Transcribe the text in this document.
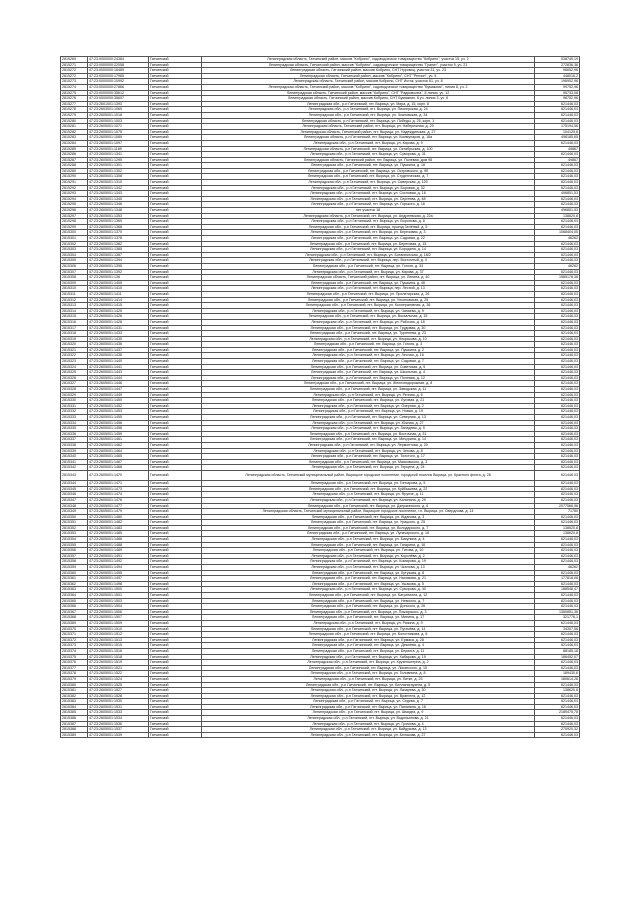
2815269	47:23:0000000:24384	Гатчинский	Ленинградская область, Гатчинский район, массив "Кобрино", садоводческое товарищество "Кобрино", участок 15, уч. 2	538749,19
2815271	47:23:0000000:22058	Гатчинский	Ленинградская область, Гатчинский район, массив "Кобрино", садоводческое товарищество "Гранит", участок 9, уч. 21	272836,36
2815272	47:23:0000000:16489	Гатчинский	Ленинградская область, Гатчинский район, массив Кобрино, СНТ Нуровиц, участок 31, уч. 23	96652,96
2815272	47:23:0000000:17965	Гатчинский	Ленинградская область, Гатчинский район, массив "Кобрино", СНТ "Регион", уч. 5	448016,2
2815273	47:23:0000000:10992	Гатчинский	Ленинградская область, Гатчинский район, массив Кобрино, СНТ Исток, участок 61, уч. 8	196952,96
2815274	47:23:0000000:27866	Гатчинский	Ленинградская область, Гатчинский район, массив "Кобрино", садоводческое товарищество "Бумажник", линия 8, уч. 2	99752,96
2815275	47:23:0000000:35612	Гатчинский	Ленинградская область, Гатчинский район, массив "Кобрино", СНТ "Радиоволна", 8 линия, уч. 12	95733,08
2815276	47:23:0000000:35607	Гатчинский	Ленинградская область, Гатчинский район, массив Кобрино, СНТ Бумажник, 8 уч. линия 3, уч. 6	98752,96
2815277	47:23:2601001:1393	Гатчинский	Ленинградская обл., р-н Гатчинский, пгт. Вырица, ул. Мира, д. 15, корп. 8	621446,03
2815278	47:23:2603001:1069	Гатчинский	Ленинградская обл., р-н Гатчинский, пгт. Вырица, ул. Пионерская, д. 24	621446,03
2815279	47:23:2605001:1018	Гатчинский	Ленинградская обл., р-н Гатчинский, пгт. Вырица, ул. Чкаловская, д. 34	621446,03
2815280	47:23:2605001:1003	Гатчинский	Ленинградская область, р-н Гатчинский, пгт. Вырица, ул. Победы, д. 25, корп. 1	621446,03
2815281	47:23:2605001:1071	Гатчинский	Ленинградская область, Гатчинский район, пгт. Вырица, ул. Набережная, д. 29	175194,56
2815282	47:23:2605001:1075	Гатчинский	Ленинградская область, Гатчинский район, пгт. Вырица, ул. Надеждинская, д. 27	104125,8
2815283	47:23:2605001:1089	Гатчинский	Ленинградская область, р-н Гатчинский, пгт. Вырица, ул. Коммунаров, д. 16а	498185,65
2815284	47:23:2605001:1097	Гатчинский	Ленинградская обл., р-н Гатчинский, пгт. Вырица, ул. Кирова, д. 9	621446,03
2815285	47:23:2605001:1189	Гатчинский	Ленинградская область, р-н Гатчинский, пгт. Вырица, ул. Октябрьская, д. 100	49867
2815286	47:23:2605001:1341	Гатчинский	Ленинградская обл., р-н Гатчинский, пгт. Вырица, ул. Суворова, д. 31	621446,03
2815287	47:23:2605001:1295	Гатчинский	Ленинградская область, Гатчинский район, пгт. Вырица, ул. Полевая, дом 98	49867
2815288	47:23:2605001:1301	Гатчинский	Ленинградская обл., р-н Гатчинский, пгт. Вырица, ул. Пушкина, д. 18	621446,03
2815289	47:23:2605001:1302	Гатчинский	Ленинградская обл., р-н Гатчинский, пгт. Вырица, ул. Островского, д. 9б	621446,03
2815290	47:23:2605001:1308	Гатчинский	Ленинградская обл., р-н Гатчинский, пгт. Вырица, ул. Студенческая, д. 7	621446,03
2815291	47:23:2605001:1310	Гатчинский	Ленинградская обл., р-н Гатчинский, пгт. Вырица, ул. Сиверская, д. 12б	621446,03
2815292	47:23:2605001:1342	Гатчинский	Ленинградская обл., р-н Гатчинский, пгт. Вырица, ул. Боровая, д. 32	621446,03
2815293	47:23:2605001:1343	Гатчинский	Ленинградская обл., р-н Гатчинский, пгт. Вырица, ул. Сосновая, д. 16	496851,53
2815294	47:23:2605001:1345	Гатчинский	Ленинградская обл., р-н Гатчинский, пгт. Вырица, ул. Сергеева, д. 48	621446,03
2815295	47:23:2605001:1346	Гатчинский	Ленинградская обл., р-н Гатчинский, пгт. Вырица, ул. Горького, д. 16	621446,03
2815296	47:23:2605001:1348	Гатчинский	нет участок 18	496851,53
2815297	47:23:2605001:1353	Гатчинский	Ленинградская область, р-н Гатчинский, пгт. Вырица, ул. Андреевская, д. 22а	138620,8
2815298	47:23:2605001:1369	Гатчинский	Ленинградская обл., р-н Гатчинский, пгт. Вырица, ул. Воронова, д. 8	621446,03
2815299	47:23:2605001:1368	Гатчинский	Ленинградская обл., р-н Гатчинский, пгт. Вырица, проезд Зелёный, д. 5	621446,03
2815300	47:23:2605001:1370	Гатчинский	Ленинградская обл., р-н Гатчинский, пгт. Вырица, ул. Березовая, д. 3	1068404,05
2815301	47:23:2605001:1378	Гатчинский	Ленинградская обл., р-н Гатчинский, пгт. Вырица, ул. Садовая, д. 22	46262
2815302	47:23:2605001:1382	Гатчинский	Ленинградская обл., р-н Гатчинский, пгт. Вырица, ул. Береговая, д. 15	621446,03
2815303	47:23:2605001:1385	Гатчинский	Ленинградская обл., р-н Гатчинский, пгт. Вырица, ул. Бородина, д. 14	621446,03
2815304	47:23:2605001:1387	Гатчинский	Ленинградская обл., р-н Гатчинский, пгт. Вырица, ул. Ботаническая, д. 18/2	621446,03
2815305	47:23:2605001:1394	Гатчинский	Ленинградская обл., р-н Гатчинский, пгт. Вырица, пер. Восточный, д. 4	621446,03
2815306	47:23:2605001:1395	Гатчинский	Ленинградская обл., р-н Гатчинский, пгт. Вырица, ул. Гоголя, д. 34	46262
2815307	47:23:2605001:1392	Гатчинский	Ленинградская обл., р-н Гатчинский, пгт. Вырица, ул. Кирова, д. 37	621446,03
2815308	47:23:2605001:136	Гатчинский	Ленинградская область, Гатчинский район, пгт. Вырица, ул. Ленина, д. 40	1585178,38
2815309	47:23:2605001:1405	Гатчинский	Ленинградская обл., р-н Гатчинский, пгт. Вырица, ул. Пушкина, д. 46	621446,03
2815310	47:23:2605001:1410	Гатчинский	Ленинградская обл., р-н Гатчинский, пгт. Вырица, пер. Лесной, д. 13	621446,03
2815311	47:23:2605001:1411	Гатчинский	Ленинградская обл., р-н Гатчинский, пгт. Вырица, ул. Пролетарская, д. 26	621446,03
2815312	47:23:2605001:1414	Гатчинский	Ленинградская обл., р-н Гатчинский, пгт. Вырица, ул. Ульяновская, д. 25	621446,03
2815313	47:23:2605001:1415	Гатчинский	Ленинградская обл., р-н Гатчинский, пгт. Вырица, ул. Кооперативная, д. 36	621446,03
2815314	47:23:2605001:1425	Гатчинский	Ленинградская обл., р-н Гатчинский, пгт. Вырица, ул. Чапаева, д. 9	621446,03
2815315	47:23:2605001:1426	Гатчинский	Ленинградская обл., р-н Гатчинский, пгт. Вырица, ул. Вокзальная, д. 15	621446,03
2815316	47:23:2605001:1428	Гатчинский	Ленинградская обл., р-н Гатчинский, пгт. Вырица, ул. Рабочая, д. 18	621446,03
2815317	47:23:2605001:1431	Гатчинский	Ленинградская обл., р-н Гатчинский, пгт. Вырица, ул. Трудовая, д. 30	621446,03
2815318	47:23:2605001:1433	Гатчинский	Ленинградская обл., р-н Гатчинский, пгт. Вырица, ул. Тургенева, д. 23	621446,03
2815319	47:23:2605001:1435	Гатчинский	Ленинградская обл., р-н Гатчинский, пгт. Вырица, ул. Некрасова, д. 10	621446,03
2815320	47:23:2605001:1436	Гатчинский	Ленинградская обл., р-н Гатчинский, пгт. Вырица, ул. Гоголя, д. 3	621446,03
2815321	47:23:2605001:1437	Гатчинский	Ленинградская обл., р-н Гатчинский, пгт. Вырица, ул. Пушкина, д. 2	621446,03
2815322	47:23:2605001:1438	Гатчинский	Ленинградская обл., р-н Гатчинский, пгт. Вырица, ул. Лесная, д. 16	621446,03
2815323	47:23:2605001:1440	Гатчинский	Ленинградская обл., р-н Гатчинский, пгт. Вырица, ул. Садовая, д. 7	621446,03
2815324	47:23:2605001:1441	Гатчинский	Ленинградская обл., р-н Гатчинский, пгт. Вырица, ул. Советская, д. 5	621446,03
2815325	47:23:2605001:1443	Гатчинский	Ленинградская обл., р-н Гатчинский, пгт. Вырица, ул. Школьная, д. 4	621446,03
2815326	47:23:2605001:1444	Гатчинский	Ленинградская обл., р-н Гатчинский, пгт. Вырица, ул. Полевая, д. 12	621446,03
2815327	47:23:2605001:1446	Гатчинский	Ленинградская обл., р-н Гатчинский, пгт. Вырица, ул. Железнодорожная, д. 8	621446,03
2815328	47:23:2605001:1447	Гатчинский	Ленинградская обл., р-н Гатчинский, пгт. Вырица, ул. Заводская, д. 11	621446,03
2815329	47:23:2605001:1449	Гатчинский	Ленинградская обл., р-н Гатчинский, пгт. Вырица, ул. Речная, д. 6	621446,03
2815330	47:23:2605001:1450	Гатчинский	Ленинградская обл., р-н Гатчинский, пгт. Вырица, ул. Луговая, д. 21	621446,03
2815331	47:23:2605001:1452	Гатчинский	Ленинградская обл., р-н Гатчинский, пгт. Вырица, ул. Озерная, д. 2	621446,03
2815332	47:23:2605001:1453	Гатчинский	Ленинградская обл., р-н Гатчинский, пгт. Вырица, ул. Новая, д. 19	621446,03
2815333	47:23:2605001:1455	Гатчинский	Ленинградская обл., р-н Гатчинский, пгт. Вырица, ул. Северная, д. 13	621446,03
2815334	47:23:2605001:1456	Гатчинский	Ленинградская обл., р-н Гатчинский, пгт. Вырица, ул. Южная, д. 27	621446,03
2815335	47:23:2605001:1458	Гатчинский	Ленинградская обл., р-н Гатчинский, пгт. Вырица, ул. Западная, д. 9	621446,03
2815336	47:23:2605001:1459	Гатчинский	Ленинградская обл., р-н Гатчинский, пгт. Вырица, ул. Восточная, д. 31	621446,03
2815337	47:23:2605001:1461	Гатчинский	Ленинградская обл., р-н Гатчинский, пгт. Вырица, ул. Мичурина, д. 14	621446,03
2815338	47:23:2605001:1462	Гатчинский	Ленинградская обл., р-н Гатчинский, пгт. Вырица, ул. Лермонтова, д. 20	621446,03
2815339	47:23:2605001:1464	Гатчинский	Ленинградская обл., р-н Гатчинский, пгт. Вырица, ул. Чехова, д. 8	621446,03
2815340	47:23:2605001:1465	Гатчинский	Ленинградская обл., р-н Гатчинский, пгт. Вырица, ул. Толстого, д. 17	621446,03
2815341	47:23:2605001:1467	Гатчинский	Ленинградская обл., р-н Гатчинский, пгт. Вырица, ул. Маяковского, д. 3	621446,03
2815342	47:23:2605001:1468	Гатчинский	Ленинградская обл., р-н Гатчинский, пгт. Вырица, ул. Герцена, д. 24	621446,03
2815343	47:23:2605001:1470	Гатчинский	Ленинградская область, Гатчинский муниципальный район, Вырицкое городское поселение, городской поселок Вырица, ул. Красного флота, д. 28	621446,03
2815344	47:23:2605001:1471	Гатчинский	Ленинградская обл., р-н Гатчинский, пгт. Вырица, ул. Гончарова, д. 5	621446,03
2815345	47:23:2605001:1473	Гатчинский	Ленинградская обл., р-н Гатчинский, пгт. Вырица, ул. Куйбышева, д. 22	621446,03
2815346	47:23:2605001:1474	Гатчинский	Ленинградская обл., р-н Гатчинский, пгт. Вырица, ул. Фрунзе, д. 11	621446,03
2815347	47:23:2605001:1476	Гатчинский	Ленинградская обл., р-н Гатчинский, пгт. Вырица, ул. Калинина, д. 29	621446,03
2815348	47:23:2605001:1477	Гатчинский	Ленинградская обл., р-н Гатчинский, пгт. Вырица, ул. Дзержинского, д. 6	2077566,56
2815349	47:23:2605001:1479	Гатчинский	Ленинградская область, Гатчинский муниципальный район, Вырицкое городское поселение, г.п. Вырица, ул. Свердлова, д. 14	71780
2815350	47:23:2605001:1480	Гатчинский	Ленинградская обл., р-н Гатчинский, пгт. Вырица, ул. Жданова, д. 3	621446,03
2815351	47:23:2605001:1482	Гатчинский	Ленинградская обл., р-н Гатчинский, пгт. Вырица, ул. Урицкого, д. 25	621446,03
2815352	47:23:2605001:1483	Гатчинский	Ленинградская обл., р-н Гатчинский, пгт. Вырица, ул. Володарского, д. 7	138620,8
2815353	47:23:2605001:1485	Гатчинский	Ленинградская обл., р-н Гатчинский, пгт. Вырица, ул. Луначарского, д. 18	138620,8
2815354	47:23:2605001:1486	Гатчинский	Ленинградская обл., р-н Гатчинский, пгт. Вырица, ул. Бакунина, д. 4	621446,03
2815355	47:23:2605001:1488	Гатчинский	Ленинградская обл., р-н Гатчинский, пгт. Вырица, ул. Гагарина, д. 16	621446,03
2815356	47:23:2605001:1489	Гатчинский	Ленинградская обл., р-н Гатчинский, пгт. Вырица, ул. Титова, д. 10	621446,03
2815357	47:23:2605001:1491	Гатчинский	Ленинградская обл., р-н Гатчинский, пгт. Вырица, ул. Королёва, д. 2	621446,03
2815358	47:23:2605001:1492	Гатчинский	Ленинградская обл., р-н Гатчинский, пгт. Вырица, ул. Комарова, д. 19	621446,03
2815359	47:23:2605001:1494	Гатчинский	Ленинградская обл., р-н Гатчинский, пгт. Вырица, ул. Чкалова, д. 13	46262
2815360	47:23:2605001:1495	Гатчинский	Ленинградская обл., р-н Гатчинский, пгт. Вырица, ул. Кутузова, д. 8	621446,03
2815361	47:23:2605001:1497	Гатчинский	Ленинградская обл., р-н Гатчинский, пгт. Вырица, ул. Нахимова, д. 21	177818,08
2815362	47:23:2605001:1498	Гатчинский	Ленинградская обл., р-н Гатчинский, пгт. Вырица, ул. Ушакова, д. 5	621446,03
2815363	47:23:2605001:1500	Гатчинский	Ленинградская обл., р-н Гатчинский, пгт. Вырица, ул. Суворова, д. 40	188548,47
2815364	47:23:2605001:1501	Гатчинский	Ленинградская обл., р-н Гатчинский, пгт. Вырица, ул. Багратиона, д. 12	621446,03
2815365	47:23:2605001:1503	Гатчинский	Ленинградская обл., р-н Гатчинский, пгт. Вырица, ул. Невского, д. 7	621446,03
2815366	47:23:2605001:1504	Гатчинский	Ленинградская обл., р-н Гатчинский, пгт. Вырица, ул. Донского, д. 26	621446,03
2815367	47:23:2605001:1506	Гатчинский	Ленинградская обл., р-н Гатчинский, пгт. Вырица, ул. Пожарского, д. 3	1350851,36
2815368	47:23:2605001:1507	Гатчинский	Ленинградская обл., р-н Гатчинский, пгт. Вырица, ул. Минина, д. 17	321776,1
2815369	47:23:2605001:1509	Гатчинский	Ленинградская обл., р-н Гатчинский, пгт. Вырица, ул. Разина, д. 9	621446,03
2815370	47:23:2605001:1510	Гатчинский	Ленинградская обл., р-н Гатчинский, пгт. Вырица, ул. Пугачёва, д. 14	34307,56
2815371	47:23:2605001:1512	Гатчинский	Ленинградская обл., р-н Гатчинский, пгт. Вырица, ул. Болотникова, д. 6	621446,03
2815372	47:23:2605001:1513	Гатчинский	Ленинградская обл., р-н Гатчинский, пгт. Вырица, ул. Ермака, д. 28	621446,03
2815373	47:23:2605001:1515	Гатчинский	Ленинградская обл., р-н Гатчинский, пгт. Вырица, ул. Дежнёва, д. 4	621446,03
2815374	47:23:2605001:1516	Гатчинский	Ленинградская обл., р-н Гатчинский, пгт. Вырица, ул. Беринга, д. 11	88185,18
2815375	47:23:2605001:1518	Гатчинский	Ленинградская обл., р-н Гатчинский, пгт. Вырица, ул. Хабарова, д. 19	186452,07
2815376	47:23:2605001:1519	Гатчинский	Ленинградская обл., р-н Гатчинский, пгт. Вырица, ул. Крузенштерна, д. 2	621446,03
2815377	47:23:2605001:1521	Гатчинский	Ленинградская обл., р-н Гатчинский, пгт. Вырица, ул. Лисянского, д. 15	621446,03
2815378	47:23:2605001:1522	Гатчинский	Ленинградская обл., р-н Гатчинский, пгт. Вырица, ул. Головнина, д. 8	189430,6
2815379	47:23:2605001:1524	Гатчинский	Ленинградская обл., р-н Гатчинский, пгт. Вырица, ул. Литке, д. 23	180614,28
2815380	47:23:2605001:1525	Гатчинский	Ленинградская обл., р-н Гатчинский, пгт. Вырица, ул. Беллинсгаузена, д. 5	621446,03
2815381	47:23:2605001:1527	Гатчинский	Ленинградская обл., р-н Гатчинский, пгт. Вырица, ул. Лазарева, д. 30	138620,8
2815382	47:23:2605001:1528	Гатчинский	Ленинградская обл., р-н Гатчинский, пгт. Вырица, ул. Врангеля, д. 12	621446,03
2815383	47:23:2605001:1530	Гатчинский	Ленинградская обл., р-н Гатчинский, пгт. Вырица, ул. Седова, д. 7	621446,03
2815384	47:23:2605001:1531	Гатчинский	Ленинградская обл., р-н Гатчинский, пгт. Вырица, ул. Папанина, д. 16	621446,03
2815385	47:23:2605001:1533	Гатчинский	Ленинградская обл., р-н Гатчинский, пгт. Вырица, ул. Шмидта, д. 9	2189475,78
2815386	47:23:2605001:1534	Гатчинский	Ленинградская обл., р-н Гатчинский, пгт. Вырица, ул. Водопьянова, д. 21	621446,03
2815387	47:23:2605001:1536	Гатчинский	Ленинградская обл., р-н Гатчинский, пгт. Вырица, ул. Громова, д. 4	621446,03
2815388	47:23:2605001:1537	Гатчинский	Ленинградская обл., р-н Гатчинский, пгт. Вырица, ул. Байдукова, д. 13	270920,32
2815389	47:23:2605001:1539	Гатчинский	Ленинградская обл., р-н Гатчинский, пгт. Вырица, ул. Белякова, д. 27	621446,03
